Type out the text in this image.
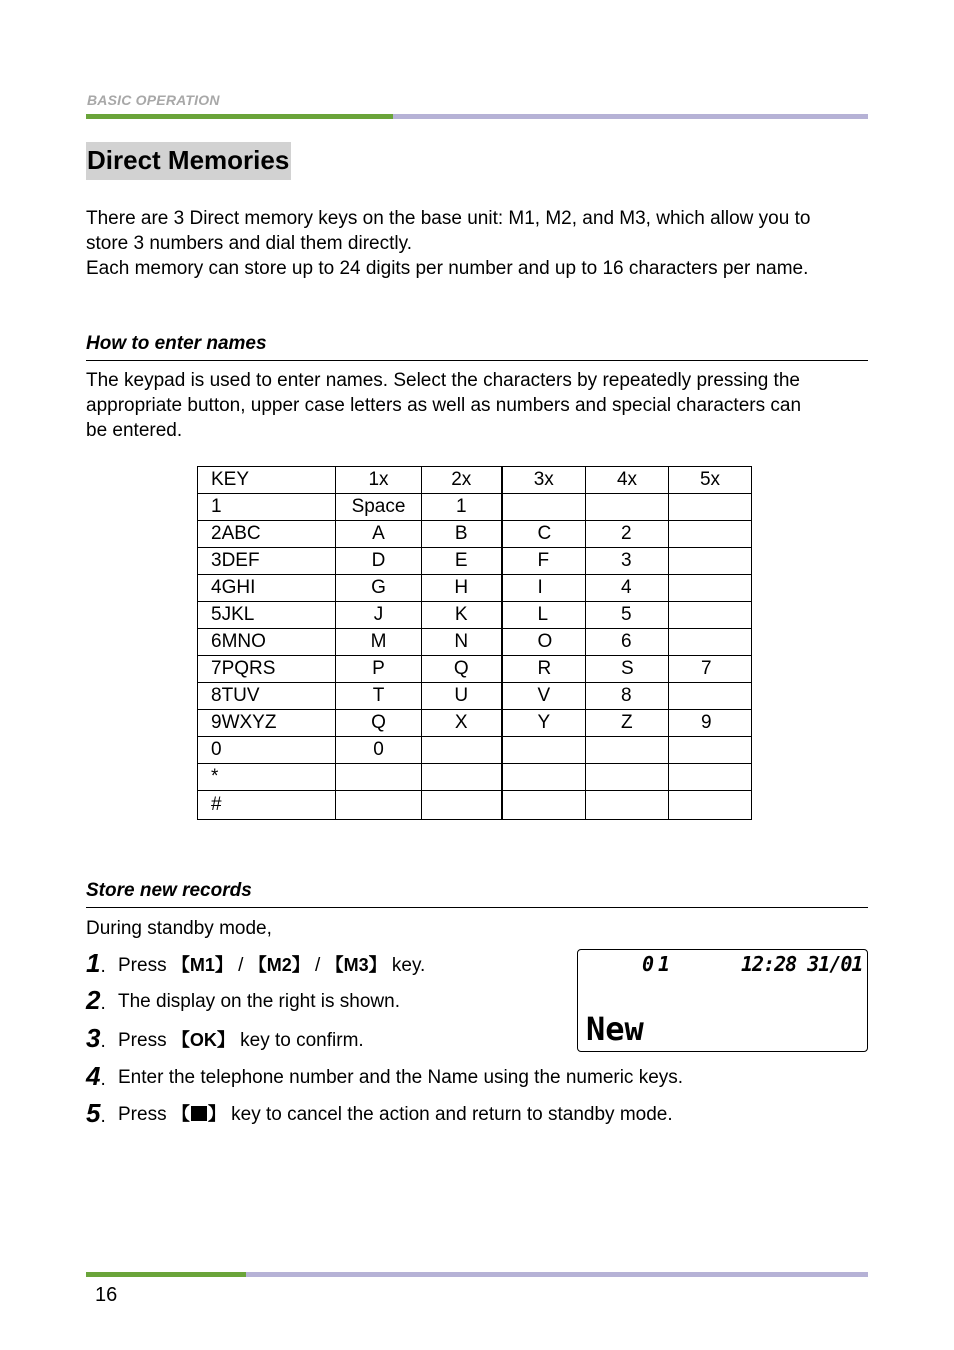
BASIC OPERATION
Direct Memories
There are 3 Direct memory keys on the base unit: M1, M2, and M3, which allow you to
store 3 numbers and dial them directly.
Each memory can store up to 24 digits per number and up to 16 characters per name.
How to enter names
The keypad is used to enter names. Select the characters by repeatedly pressing the
appropriate button, upper case letters as well as numbers and special characters can
be entered.
KEY	1x	2x	3x	4x	5x
1	Space	1			
2ABC	A	B	C	2	
3DEF	D	E	F	3	
4GHI	G	H	I	4	
5JKL	J	K	L	5	
6MNO	M	N	O	6	
7PQRS	P	Q	R	S	7
8TUV	T	U	V	8	
9WXYZ	Q	X	Y	Z	9
0	0				
*					
#					
Store new records
During standby mode,
1. Press 【M1】 / 【M2】 / 【M3】 key.
2. The display on the right is shown.
3. Press 【OK】 key to confirm.
4. Enter the telephone number and the Name using the numeric keys.
5. Press 【 】 key to cancel the action and return to standby mode.
01	12:28 31/01
New
16
